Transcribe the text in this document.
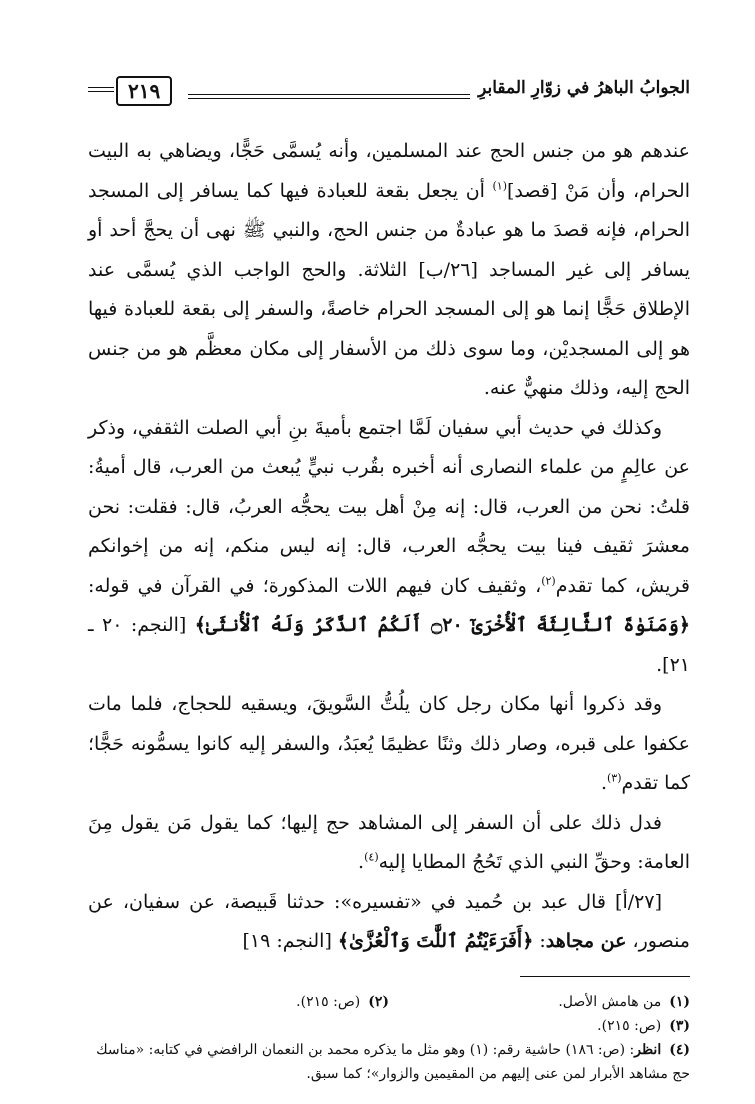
الجوابُ الباهرُ في زوّارِ المقابرِ
٢١٩

عندهم هو من جنس الحج عند المسلمين، وأنه يُسمَّى حَجًّا، ويضاهي به البيت الحرام، وأن مَنْ [قصد]$^{(١)}$ أن يجعل بقعة للعبادة فيها كما يسافر إلى المسجد الحرام، فإنه قصدَ ما هو عبادةٌ من جنس الحج، والنبي ﷺ نهى أن يحجَّ أحد أو يسافر إلى غير المساجد [٢٦/ب] الثلاثة. والحج الواجب الذي يُسمَّى عند الإطلاق حَجًّا إنما هو إلى المسجد الحرام خاصةً، والسفر إلى بقعة للعبادة فيها هو إلى المسجديْن، وما سوى ذلك من الأسفار إلى مكان معظَّم هو من جنس الحج إليه، وذلك منهيٌّ عنه.

وكذلك في حديث أبي سفيان لَمَّا اجتمع بأميةَ بنِ أبي الصلت الثقفي، وذكر عن عالِمٍ من علماء النصارى أنه أخبره بقُرب نبيٍّ يُبعث من العرب، قال أميةُ: قلتُ: نحن من العرب، قال: إنه مِنْ أهل بيت يحجُّه العربُ، قال: فقلت: نحن معشرَ ثقيف فينا بيت يحجُّه العرب، قال: إنه ليس منكم، إنه من إخوانكم قريش، كما تقدم$^{(٢)}$، وثقيف كان فيهم اللات المذكورة؛ في القرآن في قوله: ﴿وَمَنَوٰةَ ٱلثَّالِثَةَ ٱلْأُخْرَىٰٓ ۝٢٠ أَلَكُمُ ٱلذَّكَرُ وَلَهُ ٱلْأُنثَىٰ﴾ [النجم: ٢٠ ـ ٢١].

وقد ذكروا أنها مكان رجل كان يلُتُّ السَّويقَ، ويسقيه للحجاج، فلما مات عكفوا على قبره، وصار ذلك وثنًا عظيمًا يُعبَدُ، والسفر إليه كانوا يسمُّونه حَجًّا؛ كما تقدم$^{(٣)}$.

فدل ذلك على أن السفر إلى المشاهد حج إليها؛ كما يقول مَن يقول مِنَ العامة: وحقِّ النبي الذي تَحُجُ المطايا إليه$^{(٤)}$.

[٢٧/أ] قال عبد بن حُميد في «تفسيره»: حدثنا قَبيصة، عن سفيان، عن منصور، عن مجاهد: ﴿أَفَرَءَيْتُمُ ٱللَّٰتَ وَٱلْعُزَّىٰ﴾ [النجم: ١٩]

(١)من هامش الأصل.
(٢)(ص: ٢١٥).
(٣)(ص: ٢١٥).
(٤)انظر: (ص: ١٨٦) حاشية رقم: (١) وهو مثل ما يذكره محمد بن النعمان الرافضي في كتابه: «مناسك حج مشاهد الأبرار لمن عنى إليهم من المقيمين والزوار»؛ كما سبق.
